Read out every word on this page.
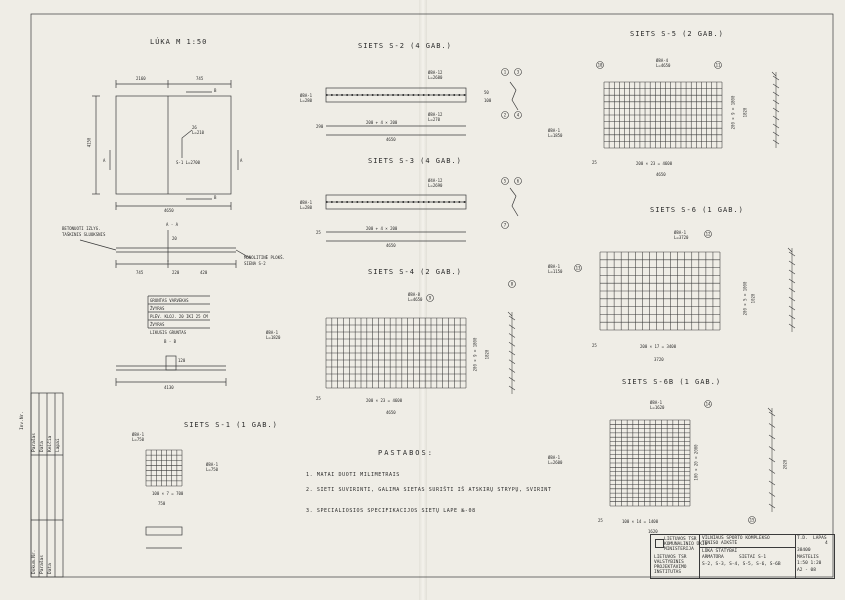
1
2
3
4
5	6
7
8
9
10	11
12
13
14
15
LÚKA M 1:50	SIETS S-2 (4 GAB.)
SIETS S-3 (4 GAB.)
SIETS S-4 (2 GAB.)
SIETS S-5 (2 GAB.)
SIETS S-6 (1 GAB.)
SIETS S-6B (1 GAB.)
SIETS S-1 (1 GAB.)
A - A
B - B
2160	745
4150
4650
B
B
A	A
26
L=210
S-1 L=2700
BETONUOTI IZLYG.
TAŠKINIS SLUOKSNIS
MONOLITINĖ PLOKŠ.
SIENA S-2
745	220	420
20
GRUNTAS VARVEKAS
ŽVYRAS
PLĖV. KLOJ. 20 IKI 25 CM
ŽVYRAS
LIKUSIS GRUNTAS
120
4130
Ø8A-12
L=2680
Ø8A-1
L=280
Ø8A-12
L=270
290
200 + 4 × 200
4650
50
100
Ø4A-12
L=2690
Ø8A-1
L=280
25
200 + 4 × 200
4650
Ø8A-8
L=4650
Ø8A-1
L=1820
25	200 × 23 = 4600
4650
200 × 9 = 1800 1820
Ø8A-4
L=4650
Ø8A-1
L=1850
25	200 × 23 = 4600
4650
200 × 9 = 1800 1820
Ø8A-1
L=3720
Ø8A-1
L=1150
25	200 × 17 = 3400
3720
200 × 5 = 1000 1020
Ø8A-1
L=1620
Ø8A-1
L=2600
25	100 × 14 = 1400
1620
100 × 20 = 2000	2020
Ø8A-1
L=750
Ø8A-1
L=750
100 × 7 = 700
750
PASTABOS:
1. MATAI DUOTI MILIMETRAIS
2. SIETI SUVIRINTI, GALIMA SIETAS SURIŠTI IŠ ATSKIRŲ STRYPŲ, SVIRINT
3. SPECIALIOSIOS SPECIFIKACIJOS SIETŲ LAPE №-08
LIETUVOS TSR
KOMUNALINIO ŪKIO
MINISTERIJA
LIETUVOS TSR
VALSTYBINIS
PROJEKTAVIMO
INSTITUTAS
VILNIAUS SPORTO KOMPLEKSO
TENISO AIKŠTĖ
LŪKA STATYBAI
ARMATŪRA	SIETAI S-1
S-2, S-3, S-4, S-5, S-6, S-6B
T.D. LAPAS
4
38400
MASTELIS
1:50 1:20
A2 - 08
Inv.Nr.
Parašas Data Keičia Lapai
Dokum.Nr. Parašas Data
